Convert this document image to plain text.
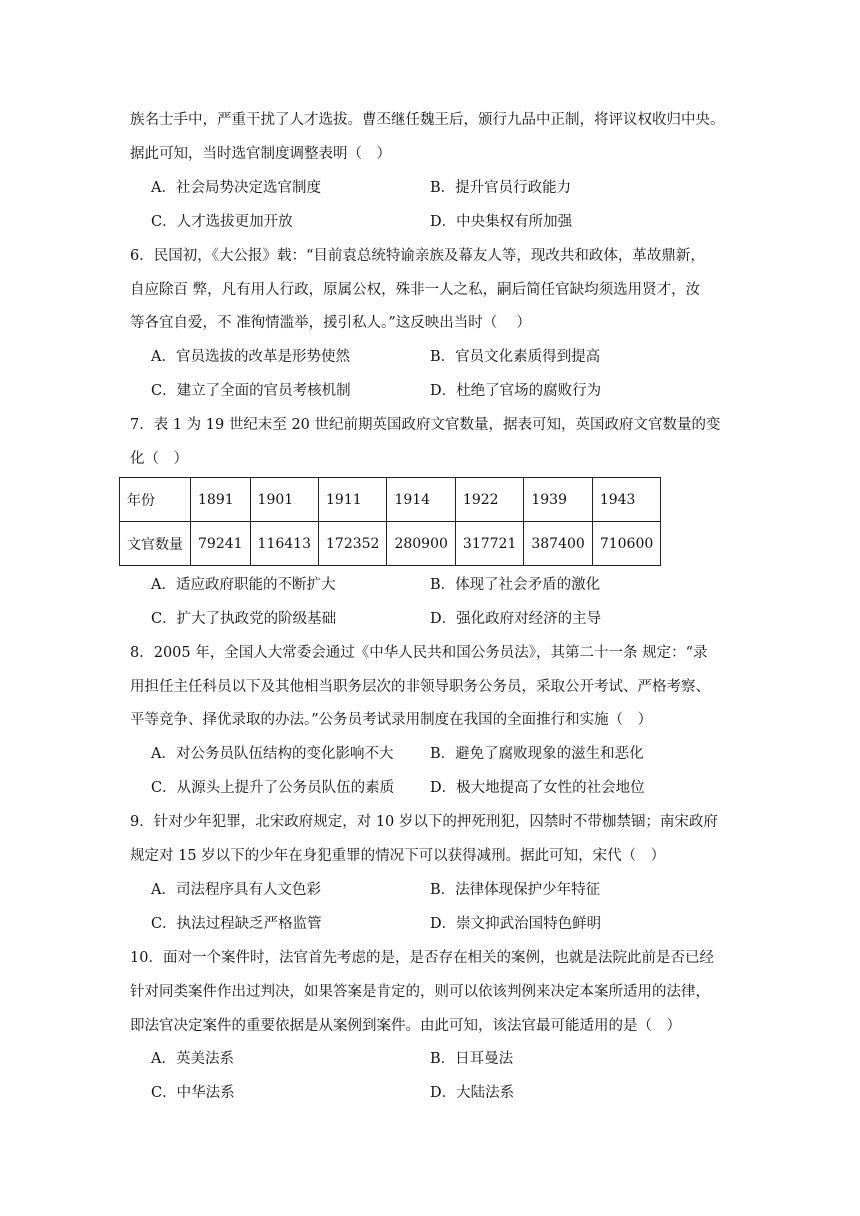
族名士手中，严重干扰了人才选拔。曹丕继任魏王后，颁行九品中正制，将评议权收归中央。
据此可知，当时选官制度调整表明（　）
A．社会局势决定选官制度	B．提升官员行政能力
C．人才选拔更加开放	D．中央集权有所加强
6．民国初，《大公报》载：“目前袁总统特谕亲族及幕友人等，现改共和政体，革故鼎新，
自应除百 弊，凡有用人行政，原属公权，殊非一人之私，嗣后简任官缺均须选用贤才，汝
等各宜自爱，不 准徇情滥举，援引私人。”这反映出当时（　 ）
A．官员选拔的改革是形势使然	B．官员文化素质得到提高
C．建立了全面的官员考核机制	D．杜绝了官场的腐败行为
7．表 1 为 19 世纪末至 20 世纪前期英国政府文官数量，据表可知，英国政府文官数量的变
化（　）
年份	1891	1901	1911	1914	1922	1939	1943
文官数量	79241	116413	172352	280900	317721	387400	710600
A．适应政府职能的不断扩大	B．体现了社会矛盾的激化
C．扩大了执政党的阶级基础	D．强化政府对经济的主导
8．2005 年，全国人大常委会通过《中华人民共和国公务员法》，其第二十一条 规定：“录
用担任主任科员以下及其他相当职务层次的非领导职务公务员，采取公开考试、严格考察、
平等竞争、择优录取的办法。”公务员考试录用制度在我国的全面推行和实施（　）
A．对公务员队伍结构的变化影响不大	B．避免了腐败现象的滋生和恶化
C．从源头上提升了公务员队伍的素质 D．极大地提高了女性的社会地位
9．针对少年犯罪，北宋政府规定，对 10 岁以下的押死刑犯，囚禁时不带枷禁锢；南宋政府
规定对 15 岁以下的少年在身犯重罪的情况下可以获得减刑。据此可知，宋代（　）
A．司法程序具有人文色彩	B．法律体现保护少年特征
C．执法过程缺乏严格监管	D．崇文抑武治国特色鲜明
10．面对一个案件时，法官首先考虑的是，是否存在相关的案例，也就是法院此前是否已经
针对同类案件作出过判决，如果答案是肯定的，则可以依该判例来决定本案所适用的法律，
即法官决定案件的重要依据是从案例到案件。由此可知，该法官最可能适用的是（　）
A．英美法系	B．日耳曼法
C．中华法系	D．大陆法系
